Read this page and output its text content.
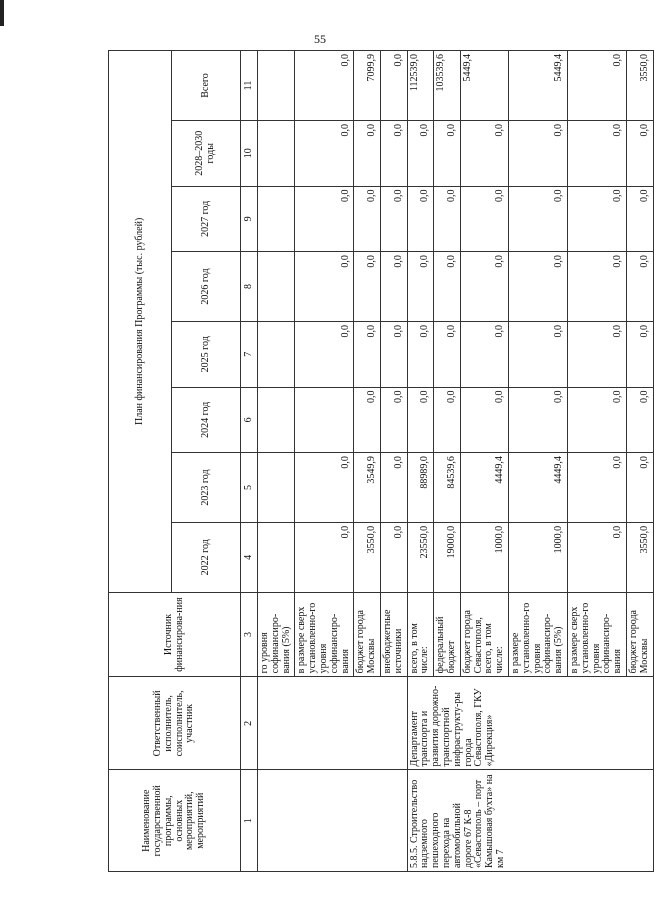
55
Наименование государственной программы, основных мероприятий, мероприятий	Ответственный исполнитель, соисполнитель, участник	Источник финансирова-ния	План финансирования Программы (тыс. рублей)							
			2022 год	2023 год	2024 год	2025 год	2026 год	2027 год	2028–2030 годы	Всего
1	2	3	4	5	6	7	8	9	10	11
		го уровня софинансиро-вания (5%)								
		в размере сверх установленно-го уровня софинансиро-вания	0,0	0,0		0,0	0,0	0,0	0,0	0,0
		бюджет города Москвы	3550,0	3549,9	0,0	0,0	0,0	0,0	0,0	7099,9
		внебюджетные источники	0,0	0,0	0,0	0,0	0,0	0,0	0,0	0,0
5.8.5. Строительство надземного пешеходного перехода на автомобильной дороге 67 К-8 «Севастополь – порт Камышовая бухта» на км 7	Департамент транспорта и развития дорожно-транспортной инфраструкту-ры города Севастополя, ГКУ «Дирекция»	всего, в том числе:	23550,0	88989,0	0,0	0,0	0,0	0,0	0,0	112539,0
		федеральный бюджет	19000,0	84539,6	0,0	0,0	0,0	0,0	0,0	103539,6
		бюджет города Севастополя, всего, в том числе:	1000,0	4449,4	0,0	0,0	0,0	0,0	0,0	5449,4
		в размере установленно-го уровня софинансиро-вания (5%)	1000,0	4449,4	0,0	0,0	0,0	0,0	0,0	5449,4
		в размере сверх установленно-го уровня софинансиро-вания	0,0	0,0	0,0	0,0	0,0	0,0	0,0	0,0
		бюджет города Москвы	3550,0	0,0	0,0	0,0	0,0	0,0	0,0	3550,0
